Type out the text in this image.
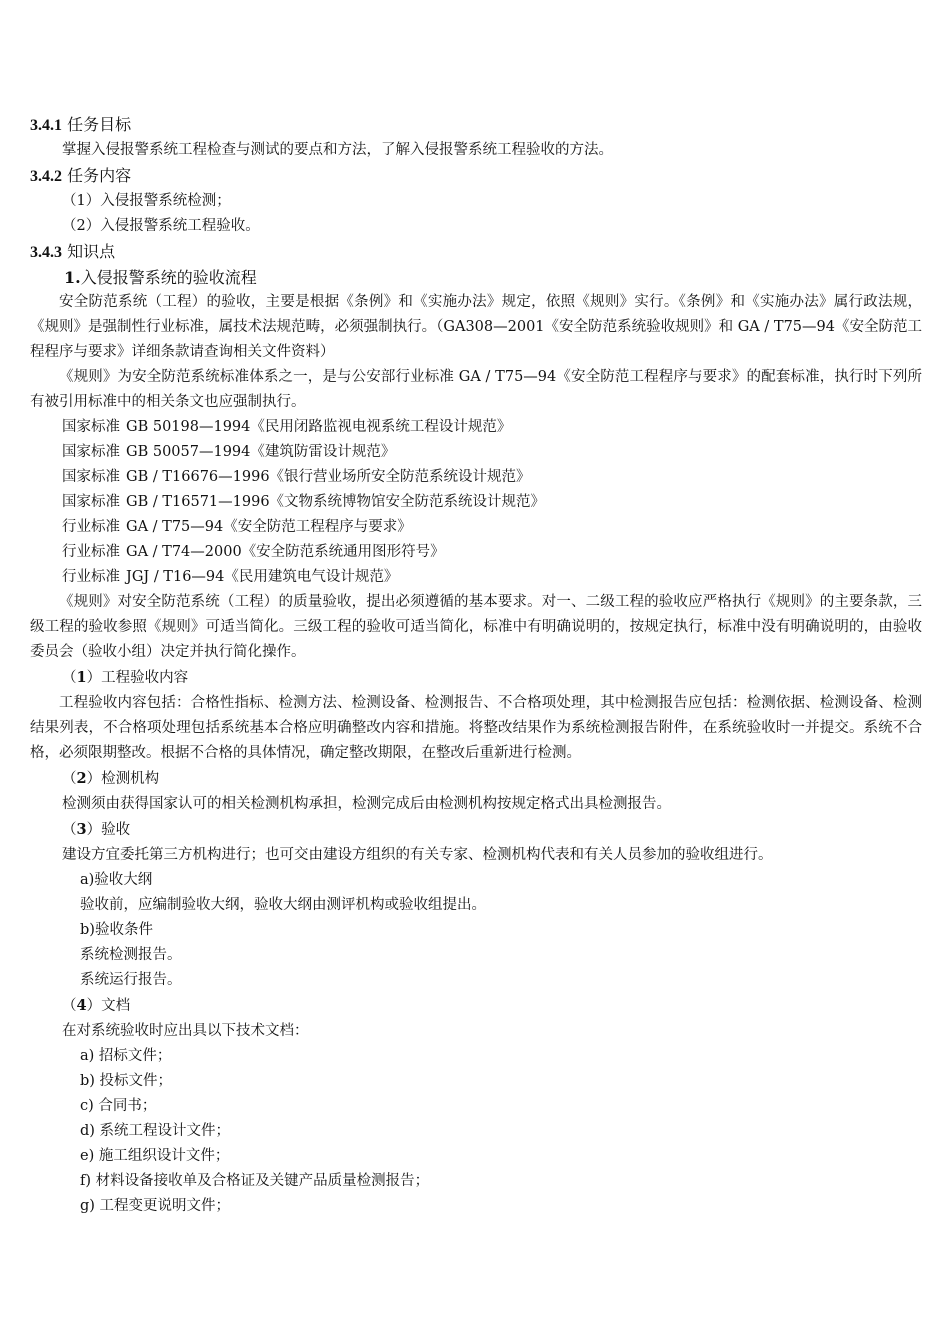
3.4.1 任务目标
掌握入侵报警系统工程检查与测试的要点和方法，了解入侵报警系统工程验收的方法。
3.4.2 任务内容
（1）入侵报警系统检测；
（2）入侵报警系统工程验收。
3.4.3 知识点
1.入侵报警系统的验收流程
安全防范系统（工程）的验收，主要是根据《条例》和《实施办法》规定，依照《规则》实行。《条例》和《实施办法》属行政法规，《规则》是强制性行业标准，属技术法规范畴，必须强制执行。（GA308—2001《安全防范系统验收规则》和 GA / T75—94《安全防范工程程序与要求》详细条款请查询相关文件资料）
《规则》为安全防范系统标准体系之一，是与公安部行业标准 GA / T75—94《安全防范工程程序与要求》的配套标准，执行时下列所有被引用标准中的相关条文也应强制执行。
国家标准 GB 50198—1994《民用闭路监视电视系统工程设计规范》
国家标准 GB 50057—1994《建筑防雷设计规范》
国家标准 GB / T16676—1996《银行营业场所安全防范系统设计规范》
国家标准 GB / T16571—1996《文物系统博物馆安全防范系统设计规范》
行业标准 GA / T75—94《安全防范工程程序与要求》
行业标准 GA / T74—2000《安全防范系统通用图形符号》
行业标准 JGJ / T16—94《民用建筑电气设计规范》
《规则》对安全防范系统（工程）的质量验收，提出必须遵循的基本要求。对一、二级工程的验收应严格执行《规则》的主要条款，三级工程的验收参照《规则》可适当简化。三级工程的验收可适当简化，标准中有明确说明的，按规定执行，标准中没有明确说明的，由验收委员会（验收小组）决定并执行简化操作。
（1）工程验收内容
工程验收内容包括：合格性指标、检测方法、检测设备、检测报告、不合格项处理，其中检测报告应包括：检测依据、检测设备、检测结果列表，不合格项处理包括系统基本合格应明确整改内容和措施。将整改结果作为系统检测报告附件，在系统验收时一并提交。系统不合格，必须限期整改。根据不合格的具体情况，确定整改期限，在整改后重新进行检测。
（2）检测机构
检测须由获得国家认可的相关检测机构承担，检测完成后由检测机构按规定格式出具检测报告。
（3）验收
建设方宜委托第三方机构进行；也可交由建设方组织的有关专家、检测机构代表和有关人员参加的验收组进行。
a)验收大纲
验收前，应编制验收大纲，验收大纲由测评机构或验收组提出。
b)验收条件
系统检测报告。
系统运行报告。
（4）文档
在对系统验收时应出具以下技术文档：
a) 招标文件；
b) 投标文件；
c) 合同书；
d) 系统工程设计文件；
e) 施工组织设计文件；
f) 材料设备接收单及合格证及关键产品质量检测报告；
g) 工程变更说明文件；
